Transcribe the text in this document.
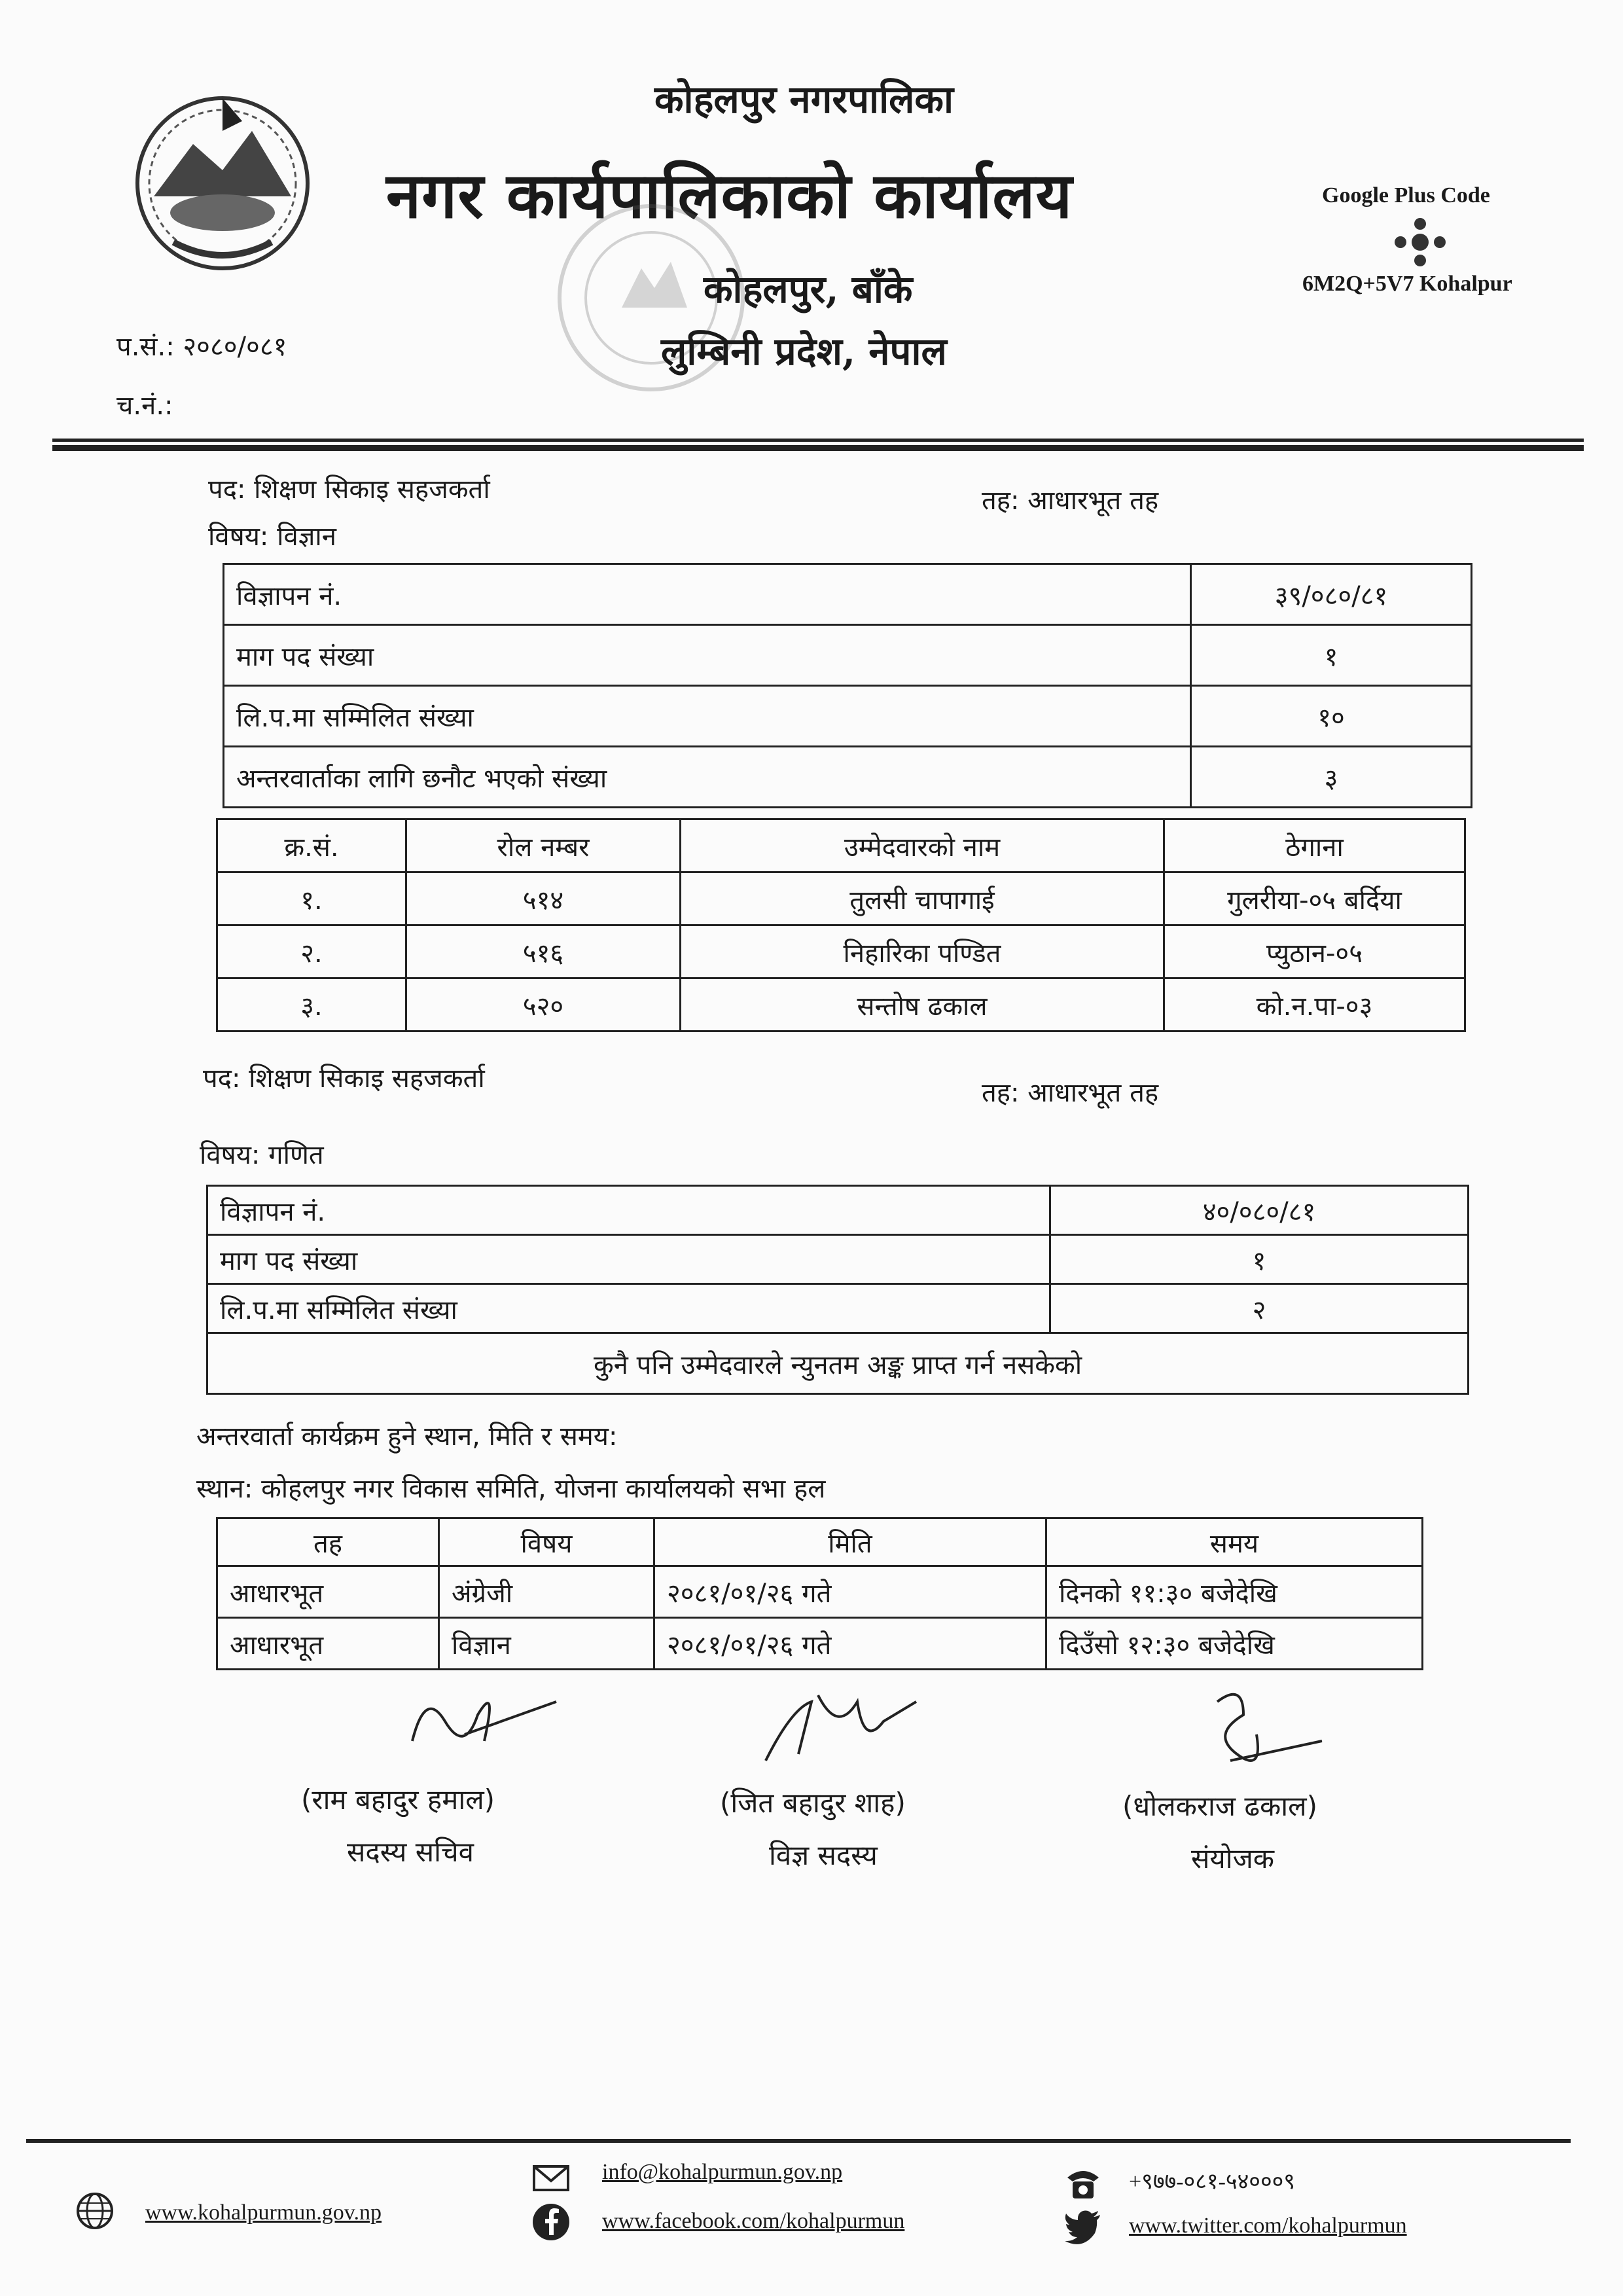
कोहलपुर नगरपालिका
नगर कार्यपालिकाको कार्यालय
कोहलपुर, बाँके
लुम्बिनी प्रदेश, नेपाल
Google Plus Code
6M2Q+5V7 Kohalpur
प.सं.: २०८०/०८१
च.नं.:
पद: शिक्षण सिकाइ सहजकर्ता	तह: आधारभूत तह
विषय: विज्ञान
विज्ञापन नं.	३९/०८०/८१
माग पद संख्या	१
लि.प.मा सम्मिलित संख्या	१०
अन्तरवार्ताका लागि छनौट भएको संख्या	३
क्र.सं.	रोल नम्बर	उम्मेदवारको नाम	ठेगाना
१.	५१४	तुलसी चापागाई	गुलरीया-०५ बर्दिया
२.	५१६	निहारिका पण्डित	प्युठान-०५
३.	५२०	सन्तोष ढकाल	को.न.पा-०३
पद: शिक्षण सिकाइ सहजकर्ता	तह: आधारभूत तह
विषय: गणित
विज्ञापन नं.	४०/०८०/८१
माग पद संख्या	१
लि.प.मा सम्मिलित संख्या	२
कुनै पनि उम्मेदवारले न्युनतम अङ्क प्राप्त गर्न नसकेको	
अन्तरवार्ता कार्यक्रम हुने स्थान, मिति र समय:
स्थान: कोहलपुर नगर विकास समिति, योजना कार्यालयको सभा हल
तह	विषय	मिति	समय
आधारभूत	अंग्रेजी	२०८१/०१/२६ गते	दिनको ११:३० बजेदेखि
आधारभूत	विज्ञान	२०८१/०१/२६ गते	दिउँसो १२:३० बजेदेखि
(राम बहादुर हमाल)
सदस्य सचिव
(जित बहादुर शाह)
विज्ञ सदस्य
(धोलकराज ढकाल)
संयोजक
www.kohalpurmun.gov.np
info@kohalpurmun.gov.np
www.facebook.com/kohalpurmun
+९७७-०८१-५४०००९
www.twitter.com/kohalpurmun
